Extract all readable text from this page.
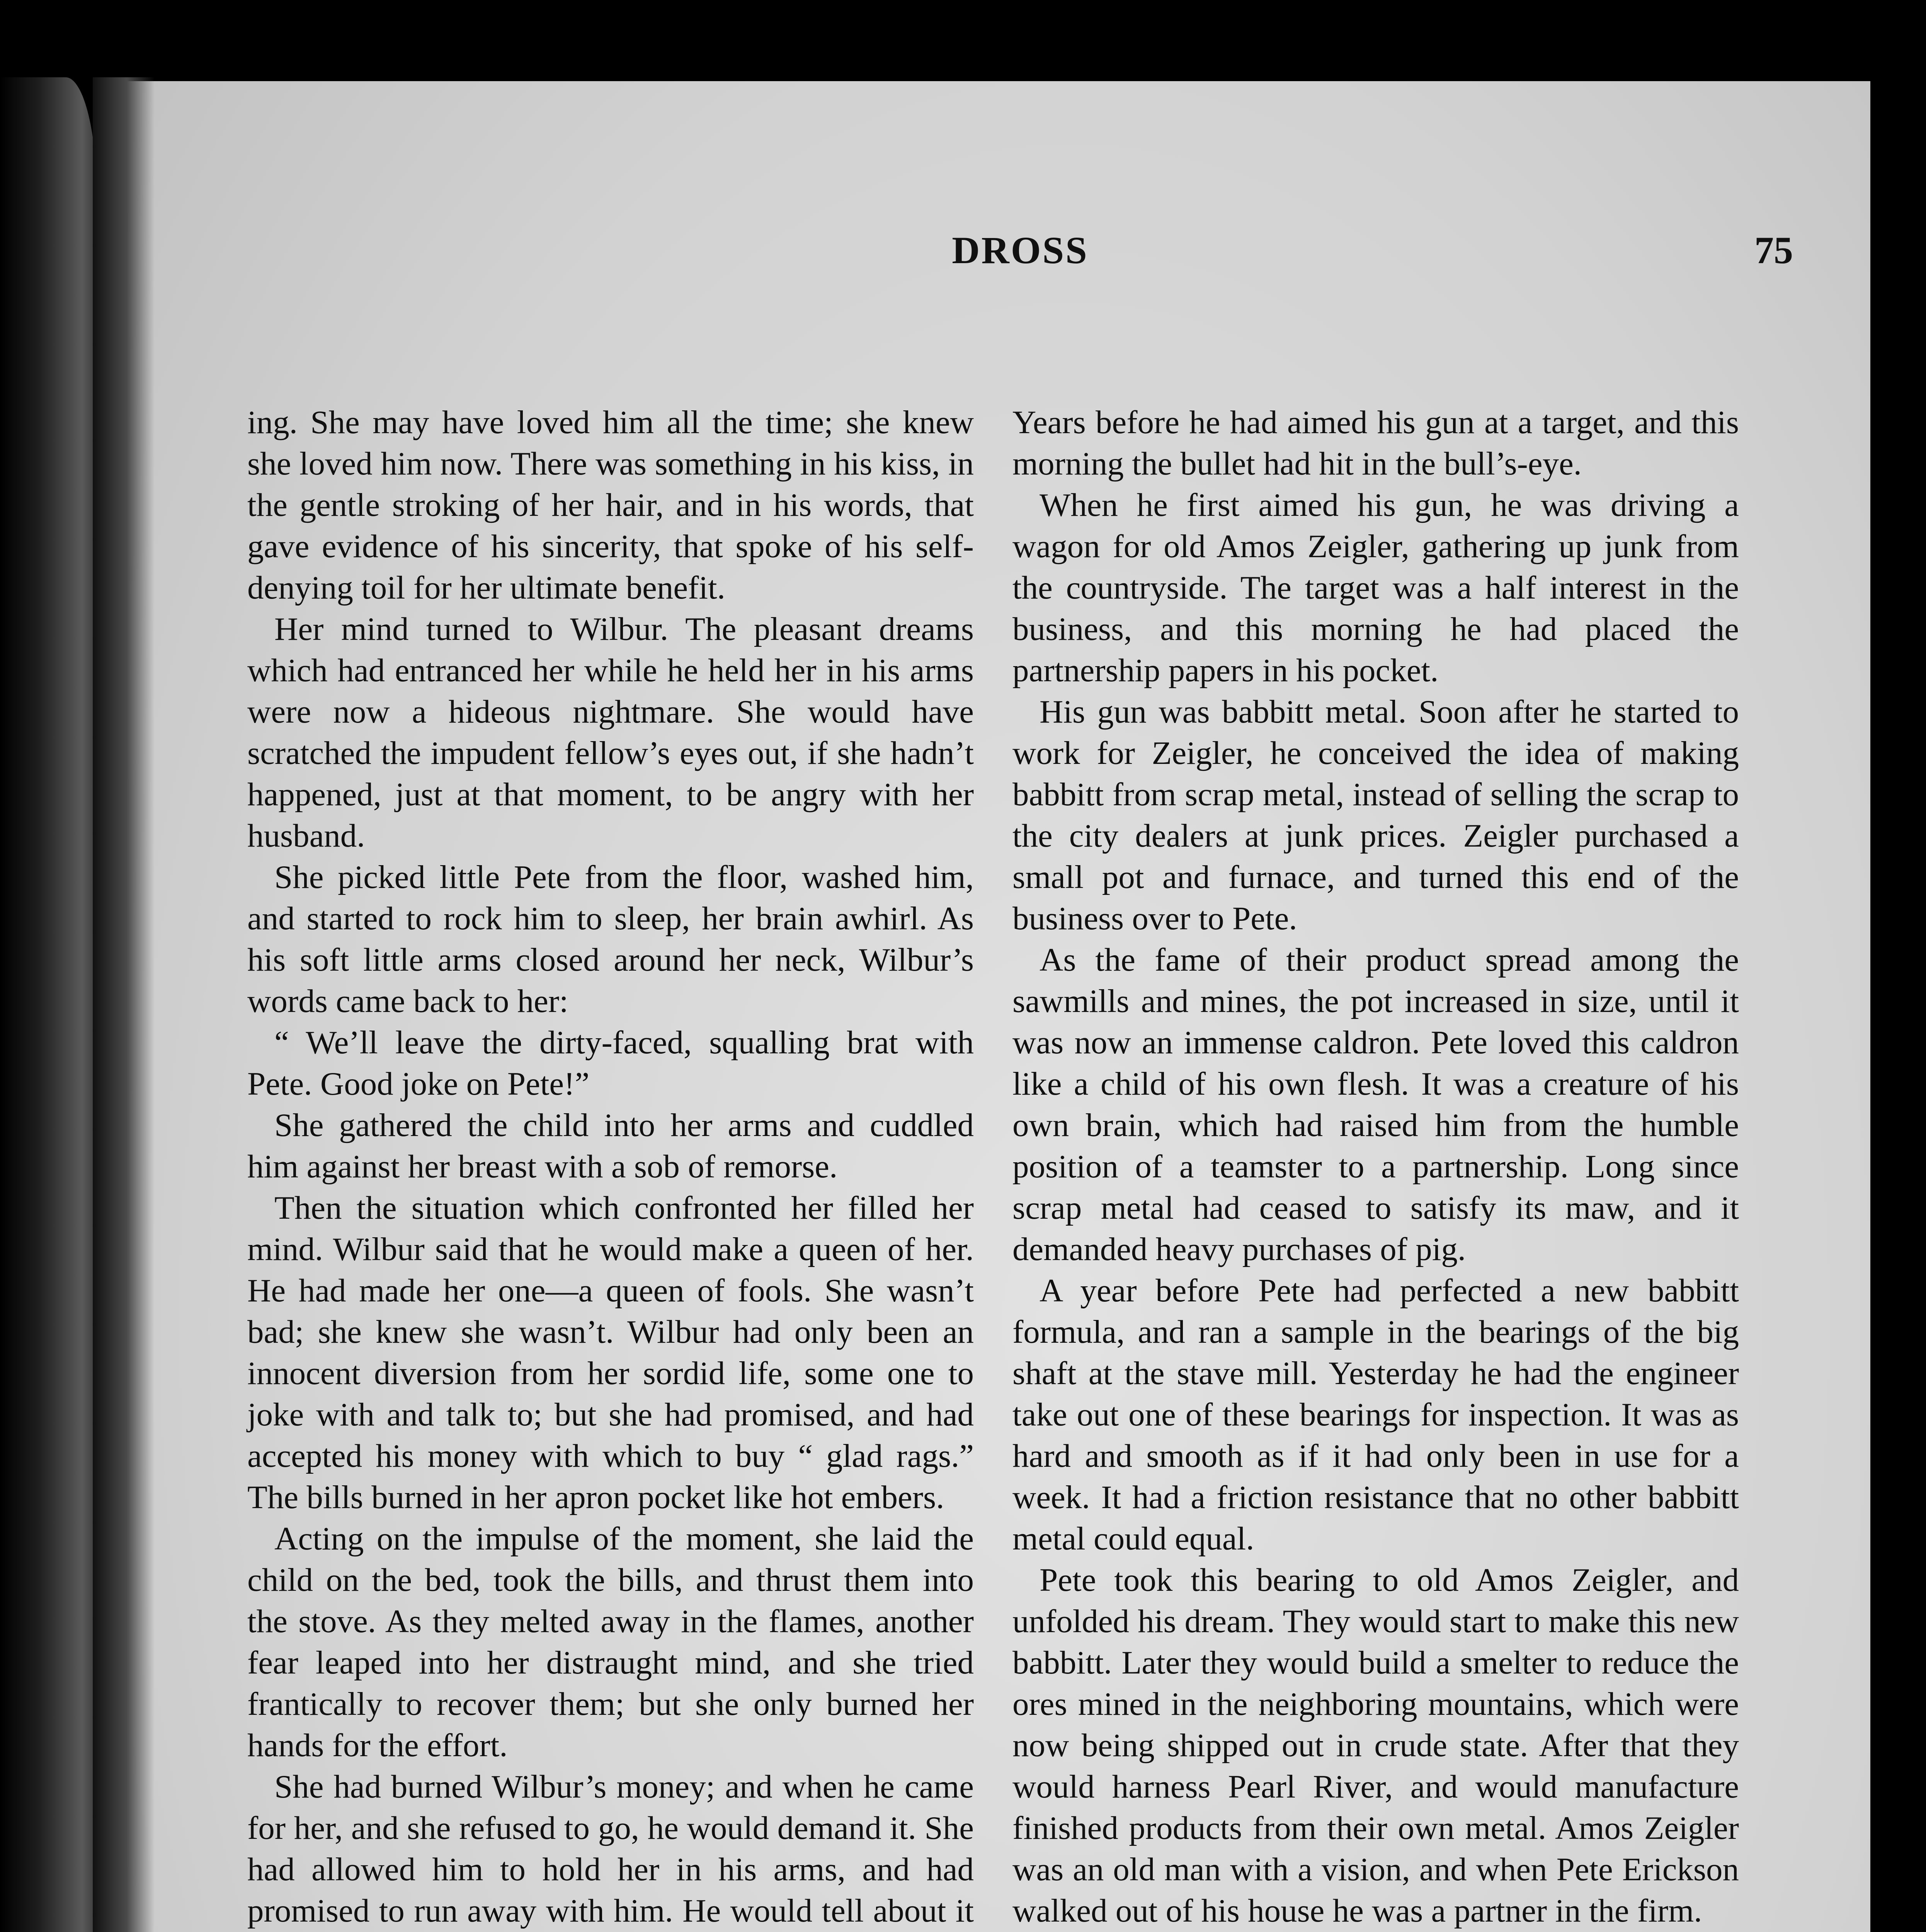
DROSS	75

ing. She may have loved him all the time; she knew she loved him now. There was something in his kiss, in the gentle stroking of her hair, and in his words, that gave evidence of his sincerity, that spoke of his self-denying toil for her ultimate benefit.

Her mind turned to Wilbur. The pleasant dreams which had entranced her while he held her in his arms were now a hideous nightmare. She would have scratched the impudent fellow’s eyes out, if she hadn’t happened, just at that moment, to be angry with her husband.

She picked little Pete from the floor, washed him, and started to rock him to sleep, her brain awhirl. As his soft little arms closed around her neck, Wilbur’s words came back to her:

“ We’ll leave the dirty-faced, squalling brat with Pete. Good joke on Pete!”

She gathered the child into her arms and cuddled him against her breast with a sob of remorse.

Then the situation which confronted her filled her mind. Wilbur said that he would make a queen of her. He had made her one—a queen of fools. She wasn’t bad; she knew she wasn’t. Wilbur had only been an innocent diversion from her sordid life, some one to joke with and talk to; but she had promised, and had accepted his money with which to buy “ glad rags.” The bills burned in her apron pocket like hot embers.

Acting on the impulse of the moment, she laid the child on the bed, took the bills, and thrust them into the stove. As they melted away in the flames, another fear leaped into her distraught mind, and she tried frantically to recover them; but she only burned her hands for the effort.

She had burned Wilbur’s money; and when he came for her, and she refused to go, he would demand it. She had allowed him to hold her in his arms, and had promised to run away with him. He would tell about it

Years before he had aimed his gun at a target, and this morning the bullet had hit in the bull’s-eye.

When he first aimed his gun, he was driving a wagon for old Amos Zeigler, gathering up junk from the countryside. The target was a half interest in the business, and this morning he had placed the partnership papers in his pocket.

His gun was babbitt metal. Soon after he started to work for Zeigler, he conceived the idea of making babbitt from scrap metal, instead of selling the scrap to the city dealers at junk prices. Zeigler purchased a small pot and furnace, and turned this end of the business over to Pete.

As the fame of their product spread among the sawmills and mines, the pot increased in size, until it was now an immense caldron. Pete loved this caldron like a child of his own flesh. It was a creature of his own brain, which had raised him from the humble position of a teamster to a partnership. Long since scrap metal had ceased to satisfy its maw, and it demanded heavy purchases of pig.

A year before Pete had perfected a new babbitt formula, and ran a sample in the bearings of the big shaft at the stave mill. Yesterday he had the engineer take out one of these bearings for inspection. It was as hard and smooth as if it had only been in use for a week. It had a friction resistance that no other babbitt metal could equal.

Pete took this bearing to old Amos Zeigler, and unfolded his dream. They would start to make this new babbitt. Later they would build a smelter to reduce the ores mined in the neighboring mountains, which were now being shipped out in crude state. After that they would harness Pearl River, and would manufacture finished products from their own metal. Amos Zeigler was an old man with a vision, and when Pete Erickson walked out of his house he was a partner in the firm.
